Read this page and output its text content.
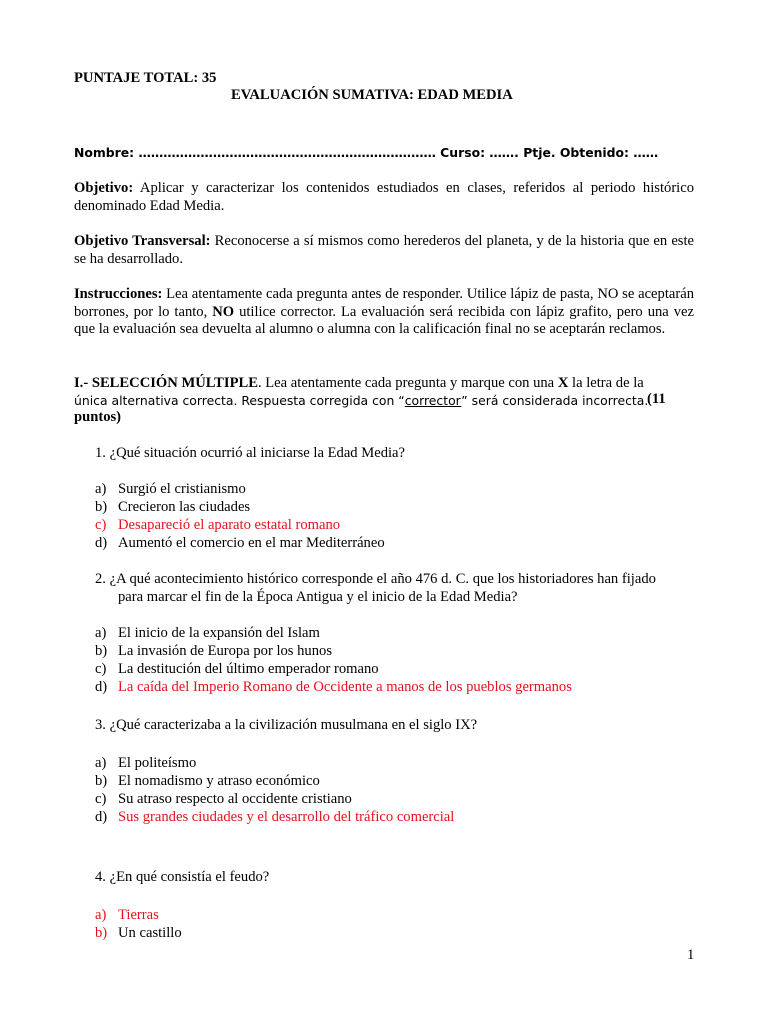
PUNTAJE TOTAL: 35
EVALUACIÓN SUMATIVA: EDAD MEDIA
Nombre: ……………………………………………………………… Curso: ……. Ptje. Obtenido: ……
Objetivo: Aplicar y caracterizar los contenidos estudiados en clases, referidos al periodo histórico denominado Edad Media.
Objetivo Transversal: Reconocerse a sí mismos como herederos del planeta, y de la historia que en este se ha desarrollado.
Instrucciones: Lea atentamente cada pregunta antes de responder. Utilice lápiz de pasta, NO se aceptarán borrones, por lo tanto, NO utilice corrector. La evaluación será recibida con lápiz grafito, pero una vez que la evaluación sea devuelta al alumno o alumna con la calificación final no se aceptarán reclamos.
I.- SELECCIÓN MÚLTIPLE. Lea atentamente cada pregunta y marque con una X la letra de la
única alternativa correcta. Respuesta corregida con “corrector” será considerada incorrecta.
(11
puntos)
1. ¿Qué situación ocurrió al iniciarse la Edad Media?
a) Surgió el cristianismo
b) Crecieron las ciudades
c) Desapareció el aparato estatal romano
d) Aumentó el comercio en el mar Mediterráneo
2. ¿A qué acontecimiento histórico corresponde el año 476 d. C. que los historiadores han fijado
para marcar el fin de la Época Antigua y el inicio de la Edad Media?
a) El inicio de la expansión del Islam
b) La invasión de Europa por los hunos
c) La destitución del último emperador romano
d) La caída del Imperio Romano de Occidente a manos de los pueblos germanos
3. ¿Qué caracterizaba a la civilización musulmana en el siglo IX?
a) El politeísmo
b) El nomadismo y atraso económico
c) Su atraso respecto al occidente cristiano
d) Sus grandes ciudades y el desarrollo del tráfico comercial
4. ¿En qué consistía el feudo?
a) Tierras
b) Un castillo
1
